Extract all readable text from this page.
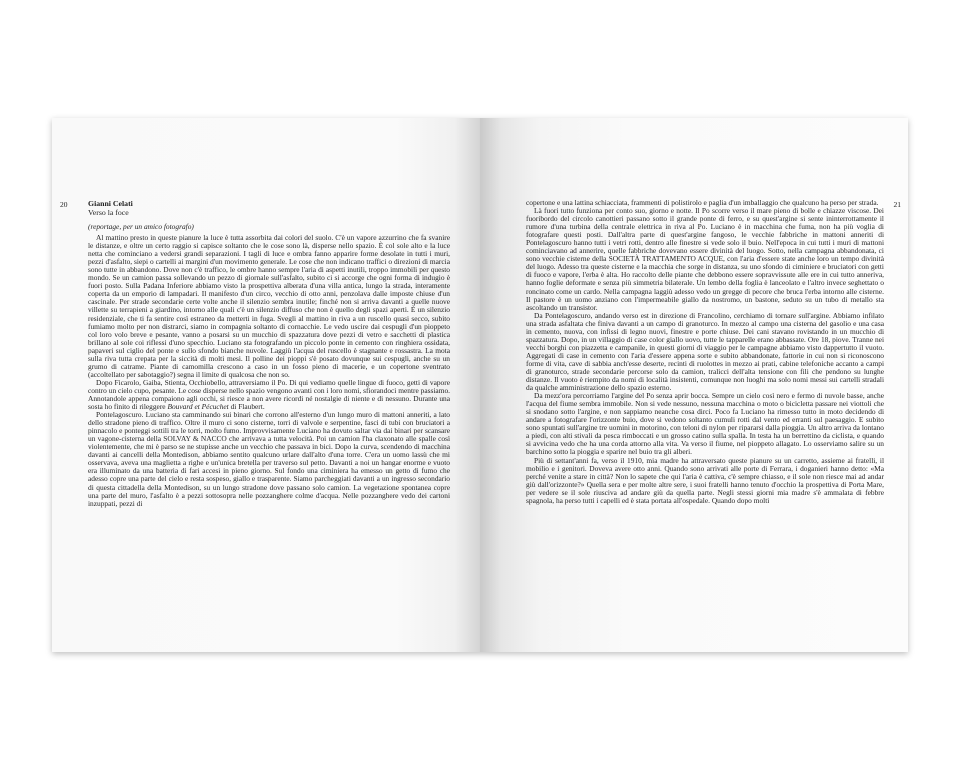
20	Gianni Celati
Verso la foce

(reportage, per un amico fotografo)

Al mattino presto in queste pianure la luce è tutta assorbita dai colori del suolo. C'è un vapore azzurrino che fa svanire le distanze, e oltre un certo raggio si capisce soltanto che le cose sono là, disperse nello spazio. È col sole alto e la luce netta che cominciano a vedersi grandi separazioni. I tagli di luce e ombra fanno apparire forme desolate in tutti i muri, pezzi d'asfalto, siepi o cartelli ai margini d'un movimento generale. Le cose che non indicano traffici o direzioni di marcia sono tutte in abbandono. Dove non c'è traffico, le ombre hanno sempre l'aria di aspetti inutili, troppo immobili per questo mondo. Se un camion passa sollevando un pezzo di giornale sull'asfalto, subito ci si accorge che ogni forma di indugio è fuori posto. Sulla Padana Inferiore abbiamo visto la prospettiva alberata d'una villa antica, lungo la strada, interamente coperta da un emporio di lampadari. Il manifesto d'un circo, vecchio di otto anni, penzolava dalle imposte chiuse d'un cascinale. Per strade secondarie certe volte anche il silenzio sembra inutile; finché non si arriva davanti a quelle nuove villette su terrapieni a giardino, intorno alle quali c'è un silenzio diffuso che non è quello degli spazi aperti. È un silenzio residenziale, che ti fa sentire così estraneo da metterti in fuga. Svegli al mattino in riva a un ruscello quasi secco, subito fumiamo molto per non distrarci, siamo in compagnia soltanto di cornacchie. Le vedo uscire dai cespugli d'un pioppeto col loro volo breve e pesante, vanno a posarsi su un mucchio di spazzatura dove pezzi di vetro e sacchetti di plastica brillano al sole coi riflessi d'uno specchio. Luciano sta fotografando un piccolo ponte in cemento con ringhiera ossidata, papaveri sul ciglio del ponte e sullo sfondo bianche nuvole. Laggiù l'acqua del ruscello è stagnante e rossastra. La mota sulla riva tutta crepata per la siccità di molti mesi. Il polline dei pioppi s'è posato dovunque sui cespugli, anche su un grumo di catrame. Piante di camomilla crescono a caso in un fosso pieno di macerie, e un copertone sventrato (accoltellato per sabotaggio?) segna il limite di qualcosa che non so.

Dopo Ficarolo, Gaiba, Stienta, Occhiobello, attraversiamo il Po. Di qui vediamo quelle lingue di fuoco, getti di vapore contro un cielo cupo, pesante. Le cose disperse nello spazio vengono avanti con i loro nomi, sfiorandoci mentre passiamo. Annotandole appena compaiono agli occhi, si riesce a non avere ricordi né nostalgie di niente e di nessuno. Durante una sosta ho finito di rileggere Bouvard et Pécuchet di Flaubert.

Pontelagoscuro. Luciano sta camminando sui binari che corrono all'esterno d'un lungo muro di mattoni anneriti, a lato dello stradone pieno di traffico. Oltre il muro ci sono cisterne, torri di valvole e serpentine, fasci di tubi con bruciatori a pinnacolo e ponteggi sottili tra le torri, molto fumo. Improvvisamente Luciano ha dovuto saltar via dai binari per scansare un vagone-cisterna della SOLVAY & NACCO che arrivava a tutta velocità. Poi un camion l'ha claxonato alle spalle così violentemente, che mi è parso se ne stupisse anche un vecchio che passava in bici. Dopo la curva, scendendo di macchina davanti ai cancelli della Montedison, abbiamo sentito qualcuno urlare dall'alto d'una torre. C'era un uomo lassù che mi osservava, aveva una maglietta a righe e un'unica bretella per traverso sul petto. Davanti a noi un hangar enorme e vuoto era illuminato da una batteria di fari accesi in pieno giorno. Sul fondo una ciminiera ha emesso un getto di fumo che adesso copre una parte del cielo e resta sospeso, giallo e trasparente. Siamo parcheggiati davanti a un ingresso secondario di questa cittadella della Montedison, su un lungo stradone dove passano solo camion. La vegetazione spontanea copre una parte del muro, l'asfalto è a pezzi sottosopra nelle pozzanghere colme d'acqua. Nelle pozzanghere vedo dei cartoni inzuppati, pezzi di

21

copertone e una lattina schiacciata, frammenti di polistirolo e paglia d'un imballaggio che qualcuno ha perso per strada.

Là fuori tutto funziona per conto suo, giorno e notte. Il Po scorre verso il mare pieno di bolle e chiazze viscose. Dei fuoribordo del circolo canottieri passano sotto il grande ponte di ferro, e su quest'argine si sente ininterrottamente il rumore d'una turbina della centrale elettrica in riva al Po. Luciano è in macchina che fuma, non ha più voglia di fotografare questi posti. Dall'altra parte di quest'argine fangoso, le vecchie fabbriche in mattoni anneriti di Pontelagoscuro hanno tutti i vetri rotti, dentro alle finestre si vede solo il buio. Nell'epoca in cui tutti i muri di mattoni cominciavano ad annerire, quelle fabbriche dovevano essere divinità del luogo. Sotto, nella campagna abbandonata, ci sono vecchie cisterne della SOCIETÀ TRATTAMENTO ACQUE, con l'aria d'essere state anche loro un tempo divinità del luogo. Adesso tra queste cisterne e la macchia che sorge in distanza, su uno sfondo di ciminiere e bruciatori con getti di fuoco e vapore, l'erba è alta. Ho raccolto delle piante che debbono essere sopravvissute alle ere in cui tutto anneriva, hanno foglie deformate e senza più simmetria bilaterale. Un lembo della foglia è lanceolato e l'altro invece seghettato o roncinato come un cardo. Nella campagna laggiù adesso vedo un gregge di pecore che bruca l'erba intorno alle cisterne. Il pastore è un uomo anziano con l'impermeabile giallo da nostromo, un bastone, seduto su un tubo di metallo sta ascoltando un transistor.

Da Pontelagoscuro, andando verso est in direzione di Francolino, cerchiamo di tornare sull'argine. Abbiamo infilato una strada asfaltata che finiva davanti a un campo di granoturco. In mezzo al campo una cisterna del gasolio e una casa in cemento, nuova, con infissi di legno nuovi, finestre e porte chiuse. Dei cani stavano rovistando in un mucchio di spazzatura. Dopo, in un villaggio di case color giallo uovo, tutte le tapparelle erano abbassate. Ore 18, piove. Tranne nei vecchi borghi con piazzetta e campanile, in questi giorni di viaggio per le campagne abbiamo visto dappertutto il vuoto. Aggregati di case in cemento con l'aria d'essere appena sorte e subito abbandonate, fattorie in cui non si riconoscono forme di vita, cave di sabbia anch'esse deserte, recinti di ruolottes in mezzo ai prati, cabine telefoniche accanto a campi di granoturco, strade secondarie percorse solo da camion, tralicci dell'alta tensione con fili che pendono su lunghe distanze. Il vuoto è riempito da nomi di località insistenti, comunque non luoghi ma solo nomi messi sui cartelli stradali da qualche amministrazione dello spazio esterno.

Da mezz'ora percorriamo l'argine del Po senza aprir bocca. Sempre un cielo così nero e fermo di nuvole basse, anche l'acqua del fiume sembra immobile. Non si vede nessuno, nessuna macchina o moto o bicicletta passare nei viottoli che si snodano sotto l'argine, e non sappiamo neanche cosa dirci. Poco fa Luciano ha rimesso tutto in moto decidendo di andare a fotografare l'orizzonte buio, dove si vedono soltanto cumuli rotti dal vento ed erranti sul paesaggio. E subito sono spuntati sull'argine tre uomini in motorino, con teloni di nylon per ripararsi dalla pioggia. Un altro arriva da lontano a piedi, con alti stivali da pesca rimboccati e un grosso catino sulla spalla. In testa ha un berrettino da ciclista, e quando si avvicina vedo che ha una corda attorno alla vita. Va verso il fiume, nel pioppeto allagato. Lo osserviamo salire su un barchino sotto la pioggia e sparire nel buio tra gli alberi.

Più di settant'anni fa, verso il 1910, mia madre ha attraversato queste pianure su un carretto, assieme ai fratelli, il mobilio e i genitori. Doveva avere otto anni. Quando sono arrivati alle porte di Ferrara, i doganieri hanno detto: «Ma perché venite a stare in città? Non lo sapete che qui l'aria è cattiva, c'è sempre chiasso, e il sole non riesce mai ad andar giù dall'orizzonte?» Quella sera e per molte altre sere, i suoi fratelli hanno tenuto d'occhio la prospettiva di Porta Mare, per vedere se il sole riusciva ad andare giù da quella parte. Negli stessi giorni mia madre s'è ammalata di febbre spagnola, ha perso tutti i capelli ed è stata portata all'ospedale. Quando dopo molti
